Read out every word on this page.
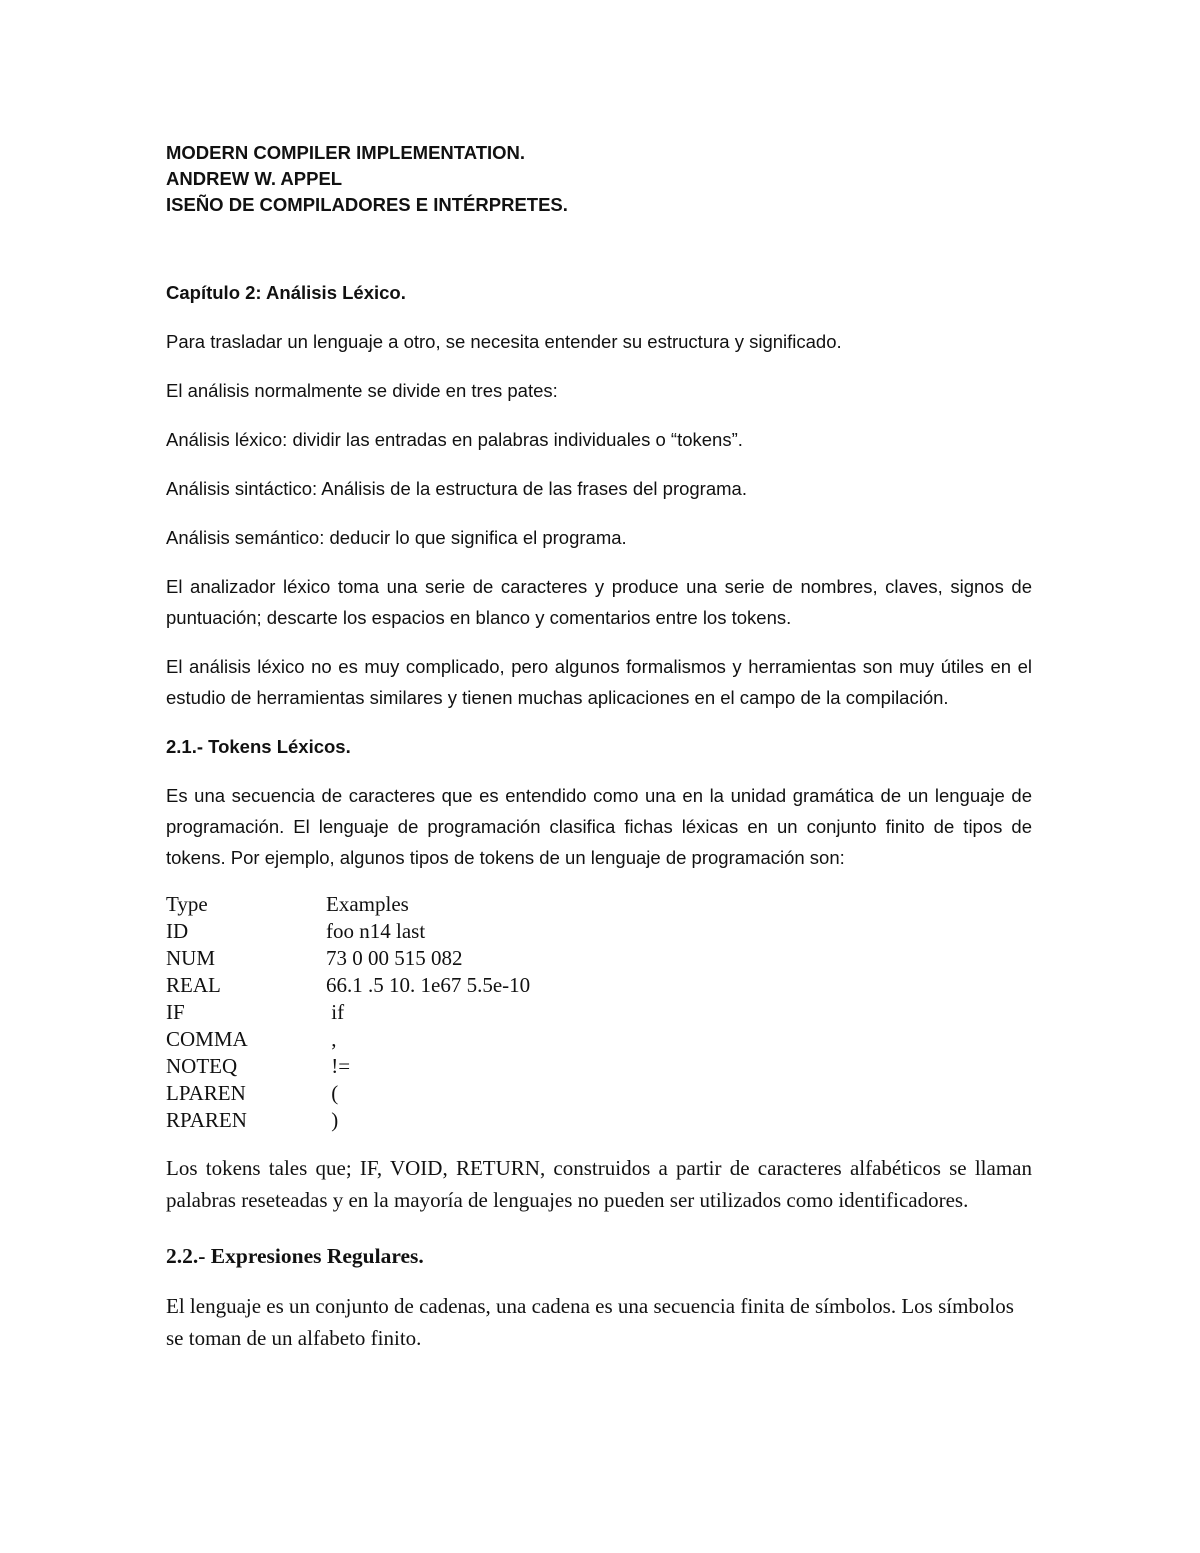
MODERN COMPILER IMPLEMENTATION.

ANDREW W. APPEL

ISEÑO DE COMPILADORES E INTÉRPRETES.

Capítulo 2: Análisis Léxico.

Para trasladar un lenguaje a otro, se necesita entender su estructura y significado.

El análisis normalmente se divide en tres pates:

Análisis léxico: dividir las entradas en palabras individuales o “tokens”.

Análisis sintáctico: Análisis de la estructura de las frases del programa.

Análisis semántico: deducir lo que significa el programa.

El analizador léxico toma una serie de caracteres y produce una serie de nombres, claves, signos de puntuación; descarte los espacios en blanco y comentarios entre los tokens.

El análisis léxico no es muy complicado, pero algunos formalismos y herramientas son muy útiles en el estudio de herramientas similares y tienen muchas aplicaciones en el campo de la compilación.

2.1.- Tokens Léxicos.

Es una secuencia de caracteres que es entendido como una en la unidad gramática de un lenguaje de programación. El lenguaje de programación clasifica fichas léxicas en un conjunto finito de tipos de tokens. Por ejemplo, algunos tipos de tokens de un lenguaje de programación son:

Type	Examples
ID	foo n14 last
NUM	73 0 00 515 082
REAL	66.1 .5 10. 1e67 5.5e-10
IF	if
COMMA	,
NOTEQ	!=
LPAREN	(
RPAREN	)

Los tokens tales que; IF, VOID, RETURN, construidos a partir de caracteres alfabéticos se llaman palabras reseteadas y en la mayoría de lenguajes no pueden ser utilizados como identificadores.

2.2.- Expresiones Regulares.

El lenguaje es un conjunto de cadenas, una cadena es una secuencia finita de símbolos. Los símbolos se toman de un alfabeto finito.
